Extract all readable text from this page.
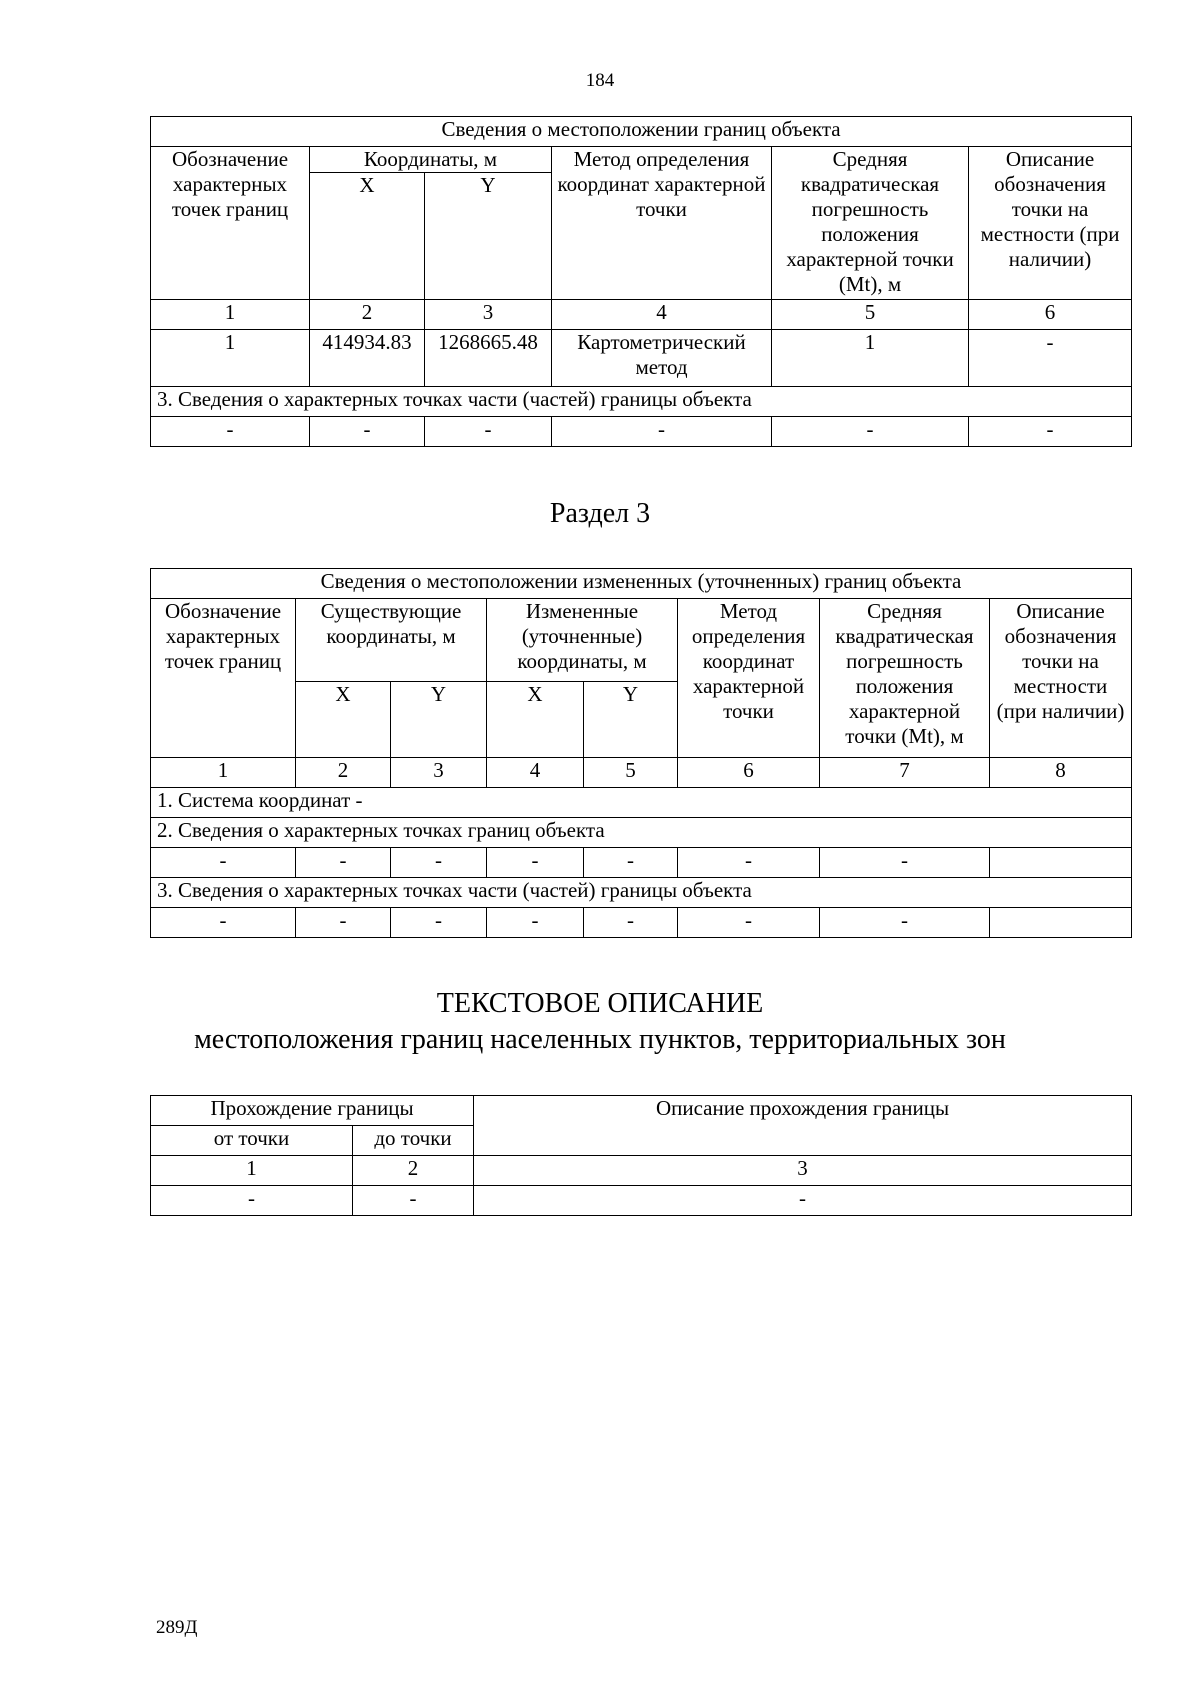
184
Сведения о местоположении границ объекта					
Обозначение характерных точек границ	Координаты, м		Метод определения координат характерной точки	Средняя квадратическая погрешность положения характерной точки (Mt), м	Описание обозначения точки на местности (при наличии)
	X	Y			
1	2	3	4	5	6
1	414934.83	1268665.48	Картометрический метод	1	-
3. Сведения о характерных точках части (частей) границы объекта					
-	-	-	-	-	-
Раздел 3
Сведения о местоположении измененных (уточненных) границ объекта							
Обозначение характерных точек границ	Существующие координаты, м		Измененные (уточненные) координаты, м		Метод определения координат характерной точки	Средняя квадратическая погрешность положения характерной точки (Mt), м	Описание обозначения точки на местности (при наличии)
	X	Y	X	Y			
1	2	3	4	5	6	7	8
1. Система координат -							
2. Сведения о характерных точках границ объекта							
-	-	-	-	-	-	-	
3. Сведения о характерных точках части (частей) границы объекта							
-	-	-	-	-	-	-	
ТЕКСТОВОЕ ОПИСАНИЕ
местоположения границ населенных пунктов, территориальных зон
Прохождение границы		Описание прохождения границы
от точки	до точки	
1	2	3
-	-	-
289Д
